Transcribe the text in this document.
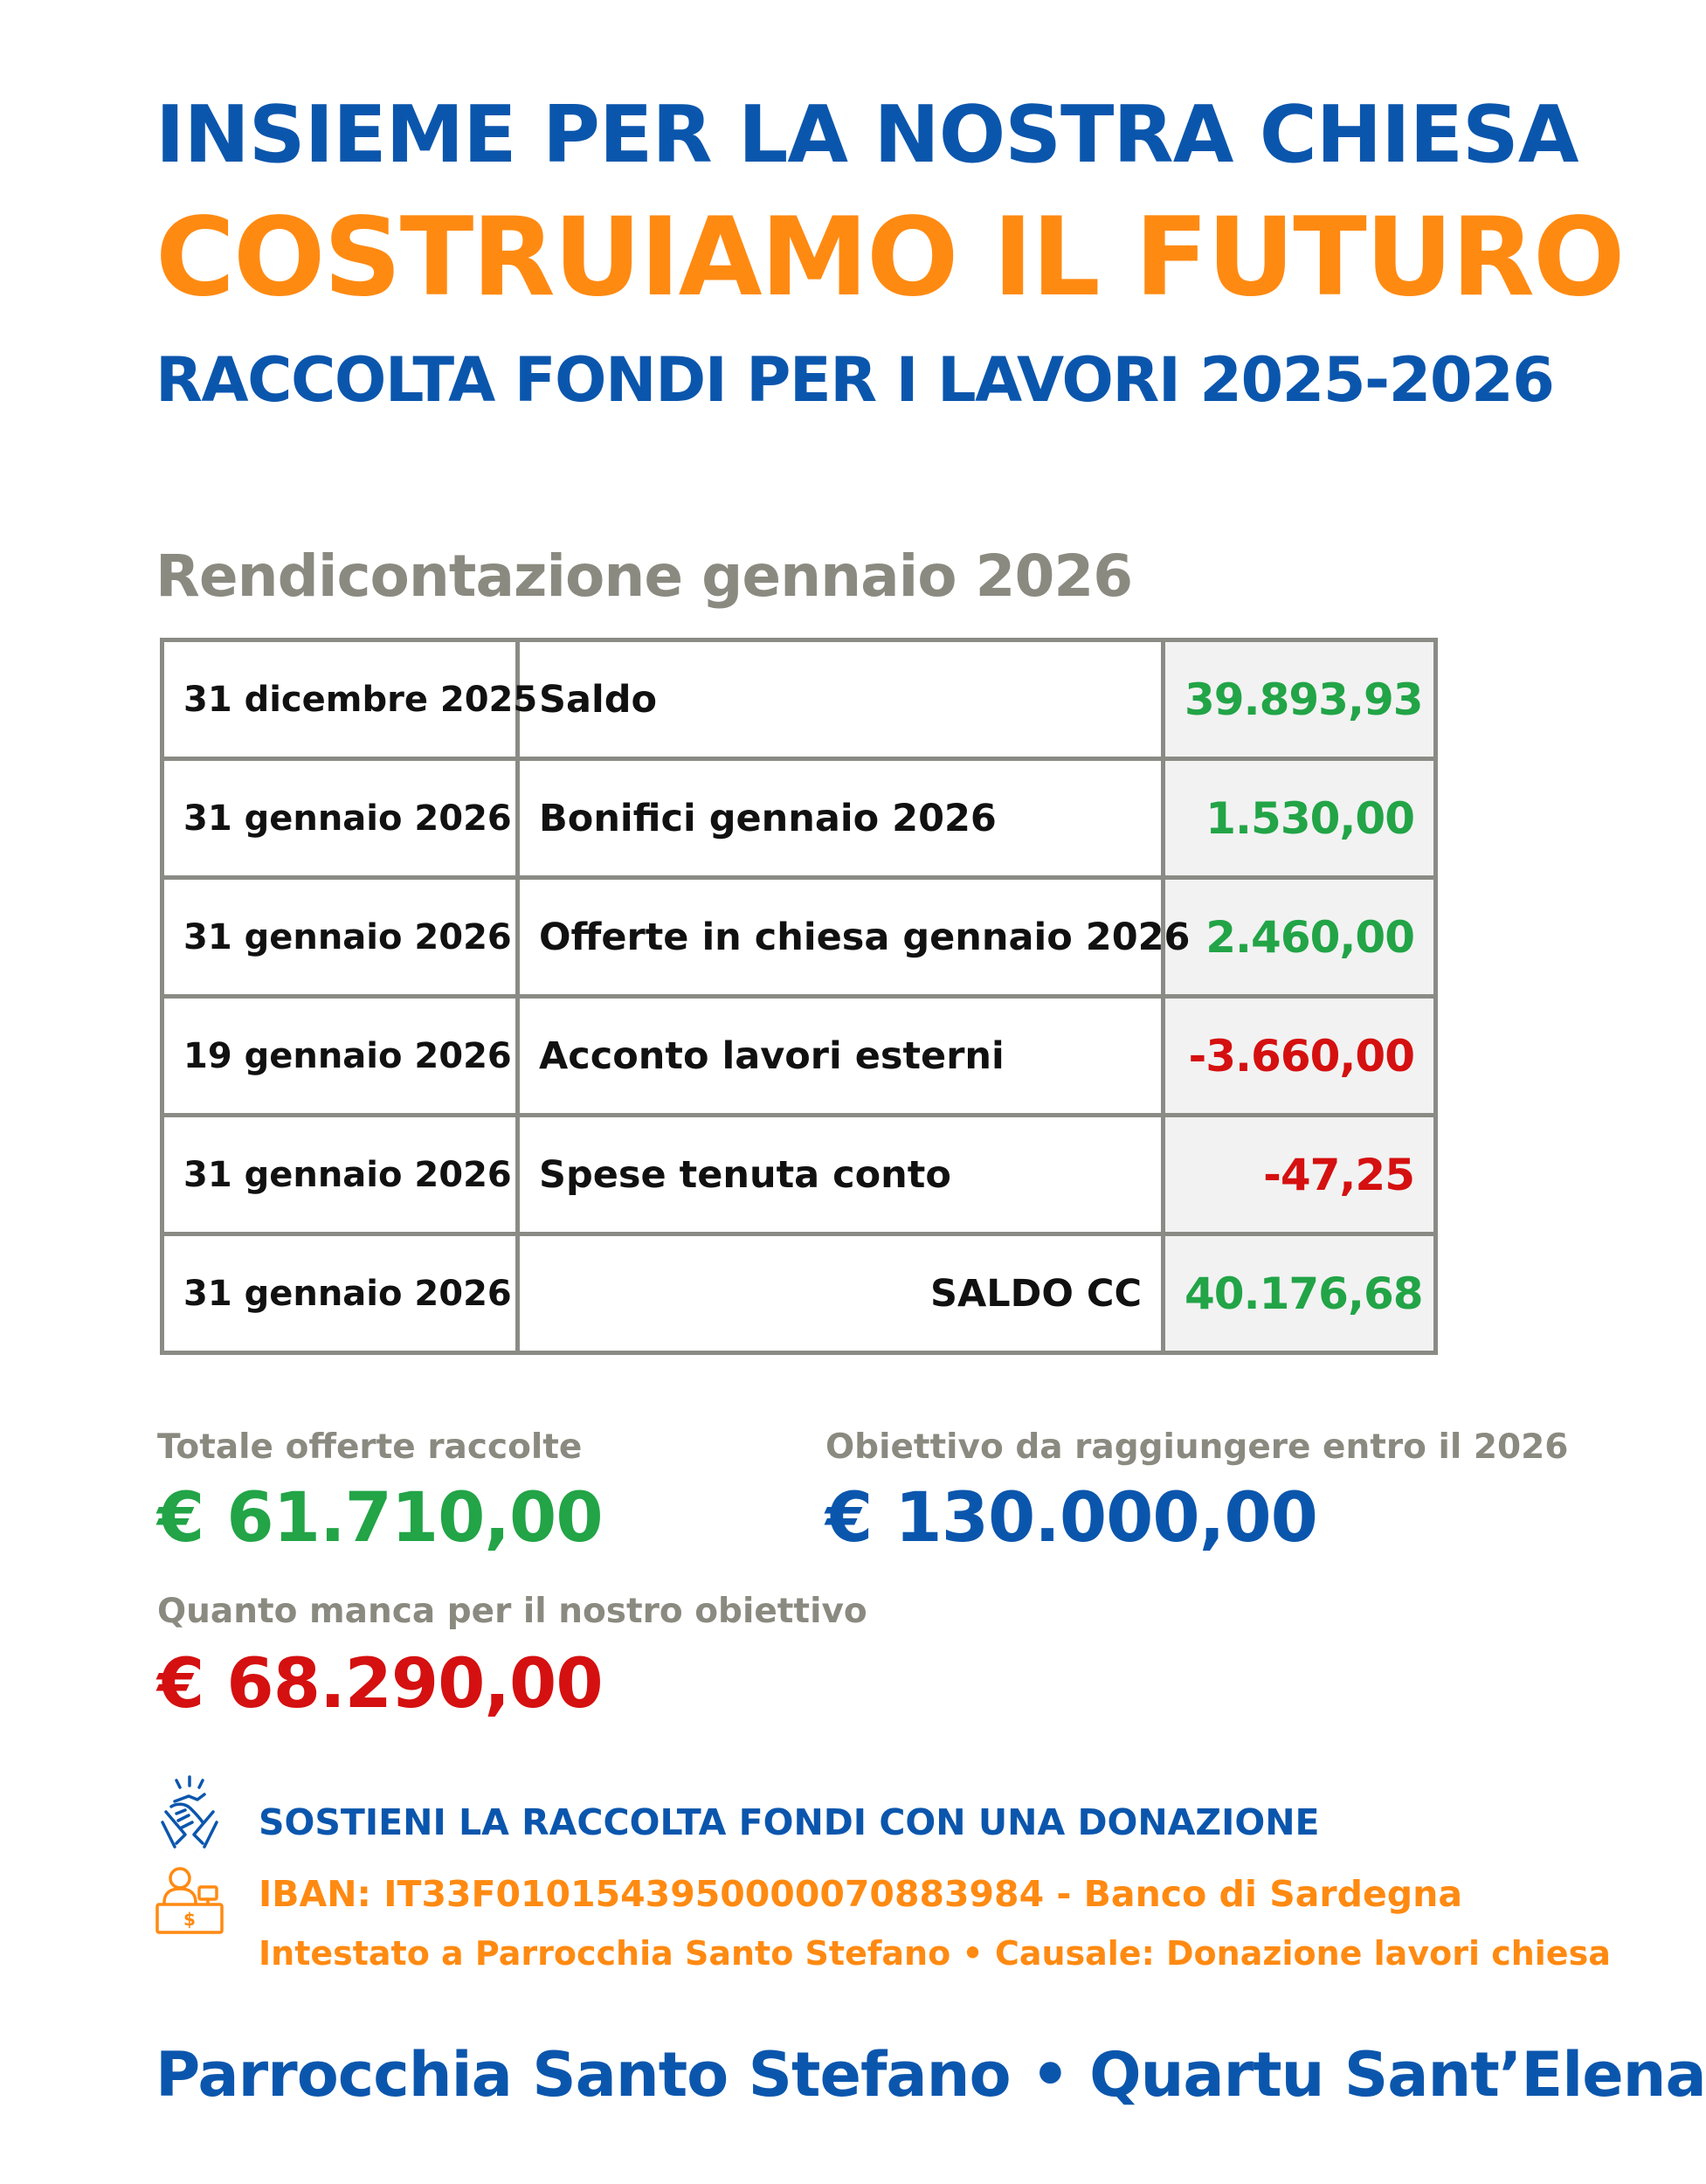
INSIEME PER LA NOSTRA CHIESA
COSTRUIAMO IL FUTURO
RACCOLTA FONDI PER I LAVORI 2025-2026
Rendicontazione gennaio 2026
31 dicembre 2025	Saldo	39.893,93
31 gennaio 2026	Bonifici gennaio 2026	1.530,00
31 gennaio 2026	Offerte in chiesa gennaio 2026	2.460,00
19 gennaio 2026	Acconto lavori esterni	-3.660,00
31 gennaio 2026	Spese tenuta conto	-47,25
31 gennaio 2026	SALDO CC	40.176,68
Totale offerte raccolte
€ 61.710,00
Obiettivo da raggiungere entro il 2026
€ 130.000,00
Quanto manca per il nostro obiettivo
€ 68.290,00
SOSTIENI LA RACCOLTA FONDI CON UNA DONAZIONE
$
IBAN: IT33F0101543950000070883984 - Banco di Sardegna
Intestato a Parrocchia Santo Stefano • Causale: Donazione lavori chiesa
Parrocchia Santo Stefano • Quartu Sant’Elena
